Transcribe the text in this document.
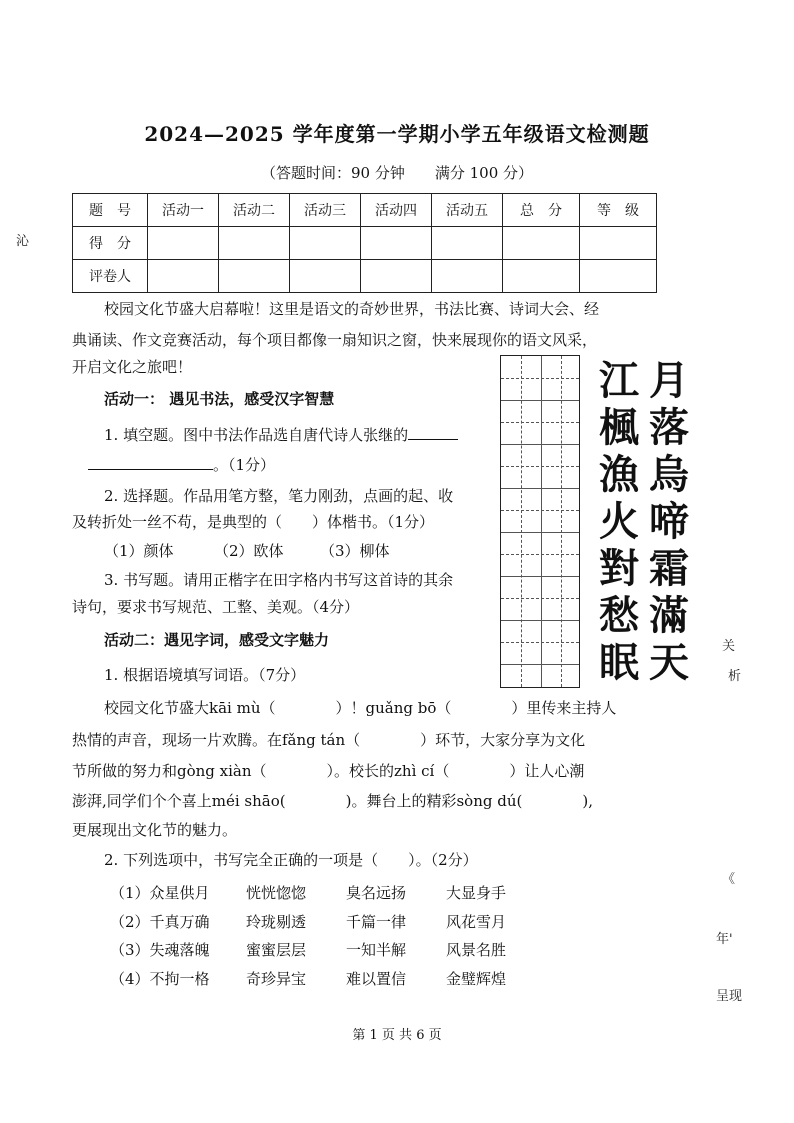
2024—2025 学年度第一学期小学五年级语文检测题
（答题时间：90 分钟　　满分 100 分）
题　号	活动一	活动二	活动三	活动四	活动五	总　分	等　级
得　分							
评卷人							
校园文化节盛大启幕啦！这里是语文的奇妙世界，书法比赛、诗词大会、经
典诵读、作文竞赛活动，每个项目都像一扇知识之窗，快来展现你的语文风采，
开启文化之旅吧！
活动一： 遇见书法，感受汉字智慧
1. 填空题。图中书法作品选自唐代诗人张继的
。（1分）
2. 选择题。作品用笔方整，笔力刚劲，点画的起、收
及转折处一丝不苟，是典型的（　　）体楷书。（1分）
（1）颜体	（2）欧体 （3）柳体
3. 书写题。请用正楷字在田字格内书写这首诗的其余
诗句，要求书写规范、工整、美观。（4分）
月
落
烏
啼
霜
滿
天
江
楓
漁
火
對
愁
眠
活动二：遇见字词，感受文字魅力
1. 根据语境填写词语。（7分）
校园文化节盛大kāi mù（　　　　）！guǎng bō（　　　　）里传来主持人
热情的声音，现场一片欢腾。在fǎng tán（　　　　）环节，大家分享为文化
节所做的努力和gòng xiàn（　　　　）。校长的zhì cí（　　　　）让人心潮
澎湃,同学们个个喜上méi shāo(　　　　)。舞台上的精彩sòng dú(　　　　),
更展现出文化节的魅力。
2. 下列选项中，书写完全正确的一项是（　　）。（2分）
（1）众星供月 恍恍惚惚	臭名远扬	大显身手
（2）千真万确 玲珑剔透	千篇一律	风花雪月
（3）失魂落魄 蜜蜜层层	一知半解	风景名胜
（4）不拘一格 奇珍异宝	难以置信	金璧辉煌
沁
关
析
《
年'
呈现
第 1 页 共 6 页
